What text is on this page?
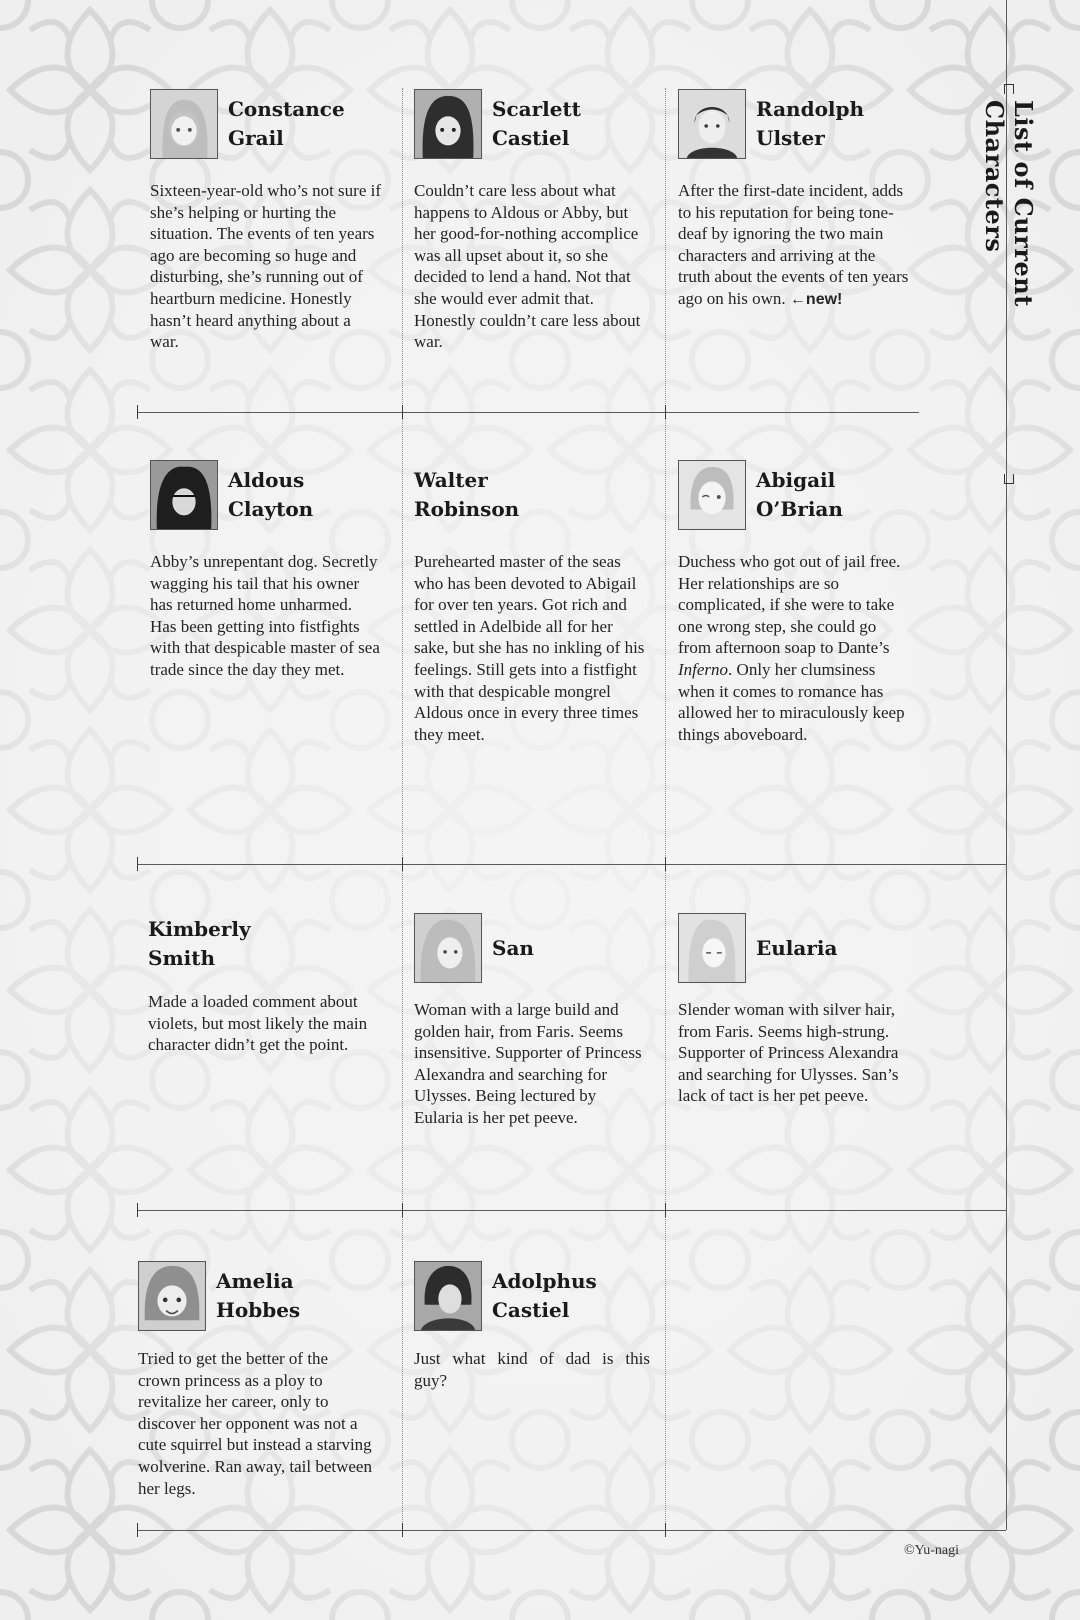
List of Current Characters
Constance
Grail
Sixteen-year-old who’s not sure if she’s helping or hurting the situation. The events of ten years ago are becoming so huge and disturbing, she’s running out of heartburn medicine. Honestly hasn’t heard anything about a war.
Scarlett
Castiel
Couldn’t care less about what happens to Aldous or Abby, but her good-for-nothing accomplice was all upset about it, so she decided to lend a hand. Not that she would ever admit that. Honestly couldn’t care less about war.
Randolph
Ulster
After the first-date incident, adds to his reputation for being tone-deaf by ignoring the two main characters and arriving at the truth about the events of ten years ago on his own. ←new!
Aldous
Clayton
Abby’s unrepentant dog. Secretly wagging his tail that his owner has returned home unharmed. Has been getting into fistfights with that despicable master of sea trade since the day they met.
Walter
Robinson
Purehearted master of the seas who has been devoted to Abigail for over ten years. Got rich and settled in Adelbide all for her sake, but she has no inkling of his feelings. Still gets into a fistfight with that despicable mongrel Aldous once in every three times they meet.
Abigail
O’Brian
Duchess who got out of jail free. Her relationships are so complicated, if she were to take one wrong step, she could go from afternoon soap to Dante’s Inferno. Only her clumsiness when it comes to romance has allowed her to miraculously keep things aboveboard.
Kimberly
Smith
Made a loaded comment about violets, but most likely the main character didn’t get the point.
San
Woman with a large build and golden hair, from Faris. Seems insensitive. Supporter of Princess Alexandra and searching for Ulysses. Being lectured by Eularia is her pet peeve.
Eularia
Slender woman with silver hair, from Faris. Seems high-strung. Supporter of Princess Alexandra and searching for Ulysses. San’s lack of tact is her pet peeve.
Amelia
Hobbes
Tried to get the better of the crown princess as a ploy to revitalize her career, only to discover her opponent was not a cute squirrel but instead a starving wolverine. Ran away, tail between her legs.
Adolphus
Castiel
Just what kind of dad is this guy?
©Yu-nagi
